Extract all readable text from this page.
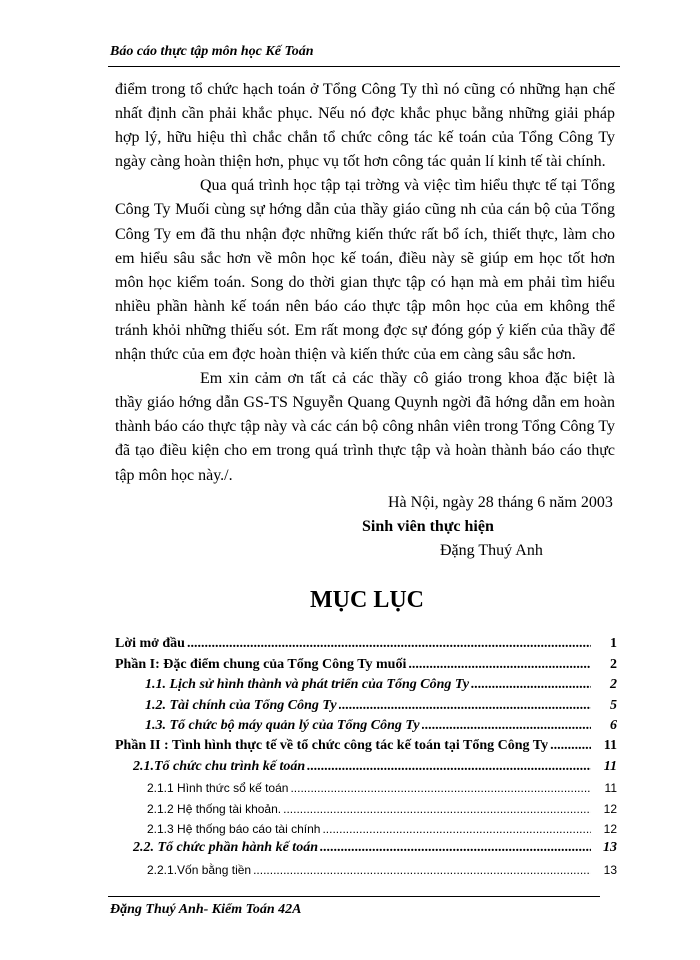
Báo cáo thực tập môn học Kế Toán

điểm trong tổ chức hạch toán ở Tổng Công Ty thì nó cũng có những hạn chế nhất định cần phải khắc phục. Nếu nó đợc khắc phục bằng những giải pháp hợp lý, hữu hiệu thì chắc chắn tổ chức công tác kế toán của Tổng Công Ty ngày càng hoàn thiện hơn, phục vụ tốt hơn công tác quản lí kinh tế tài chính.

Qua quá trình học tập tại trờng và việc tìm hiểu thực tế tại Tổng Công Ty Muối cùng sự hớng dẫn của thầy giáo cũng nh của cán bộ của Tổng Công Ty em đã thu nhận đợc những kiến thức rất bổ ích, thiết thực, làm cho em hiểu sâu sắc hơn về môn học kế toán, điều này sẽ giúp em học tốt hơn môn học kiểm toán. Song do thời gian thực tập có hạn mà em phải tìm hiểu nhiều phần hành kế toán nên báo cáo thực tập môn học của em không thể tránh khỏi những thiếu sót. Em rất mong đợc sự đóng góp ý kiến của thầy để nhận thức của em đợc hoàn thiện và kiến thức của em càng sâu sắc hơn.

Em xin cảm ơn tất cả các thầy cô giáo trong khoa đặc biệt là thầy giáo hớng dẫn GS-TS Nguyễn Quang Quynh ngời đã hớng dẫn em hoàn thành báo cáo thực tập này và các cán bộ công nhân viên trong Tổng Công Ty đã tạo điều kiện cho em trong quá trình thực tập và hoàn thành báo cáo thực tập môn học này./.

Hà Nội, ngày 28 tháng 6 năm 2003
Sinh viên thực hiện
Đặng Thuý Anh
MỤC LỤC
Lời mở đầu .....	1
Phần I: Đặc điểm chung của Tổng Công Ty muối .....	2
1.1. Lịch sử hình thành và phát triển của Tổng Công Ty .....	2
1.2. Tài chính của Tổng Công Ty .....	5
1.3. Tổ chức bộ máy quản lý của Tổng Công Ty .....	6
Phần II : Tình hình thực tế về tổ chức công tác kế toán tại Tổng Công Ty .....	11
2.1.Tổ chức chu trình kế toán .....	11
2.1.1 Hình thức sổ kế toán .....	11
2.1.2 Hệ thống tài khoản. .....	12
2.1.3 Hệ thống báo cáo tài chính .....	12
2.2. Tổ chức phần hành kế toán .....	13
2.2.1.Vốn bằng tiền .....	13
Đặng Thuý Anh- Kiểm Toán 42A
